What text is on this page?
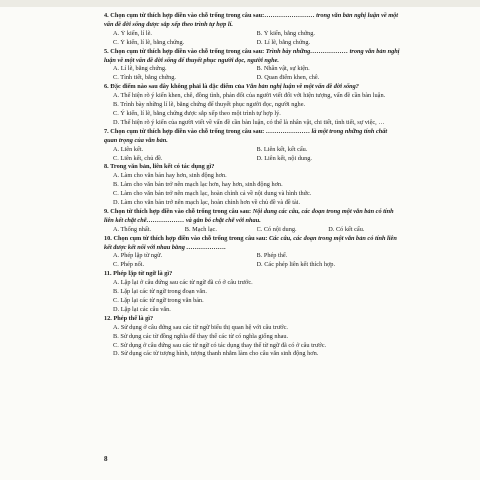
4. Chọn cụm từ thích hợp điền vào chỗ trống trong câu sau:…………………… trong văn bản nghị luận về một vấn đề đời sống được sắp xếp theo trình tự hợp lí.
A. Ý kiến, lí lẽ.	B. Ý kiến, bằng chứng.
C. Ý kiến, lí lẽ, bằng chứng.	D. Lí lẽ, bằng chứng.
5. Chọn cụm từ thích hợp điền vào chỗ trống trong câu sau: Trình bày những……………… trong văn bản nghị luận về một vấn đề đời sống để thuyết phục người đọc, người nghe.
A. Lí lẽ, bằng chứng.	B. Nhân vật, sự kiện.
C. Tình tiết, bằng chứng.	D. Quan điểm khen, chê.
6. Đặc điểm nào sau đây không phải là đặc điểm của Văn bản nghị luận về một vấn đề đời sống?
A. Thể hiện rõ ý kiến khen, chê, đồng tình, phản đối của người viết đối với hiện tượng, vấn đề cần bàn luận.
B. Trình bày những lí lẽ, bằng chứng để thuyết phục người đọc, người nghe.
C. Ý kiến, lí lẽ, bằng chứng được sắp xếp theo một trình tự hợp lý.
D. Thể hiện rõ ý kiến của người viết về vấn đề cần bàn luận, có thể là nhân vật, chi tiết, tình tiết, sự việc, …
7. Chọn cụm từ thích hợp điền vào chỗ trống trong câu sau: ………………… là một trong những tính chất quan trọng của văn bản.
A. Liên kết.	B. Liên kết, kết cấu.
C. Liên kết, chủ đề.	D. Liên kết, nội dung.
8. Trong văn bản, liên kết có tác dụng gì?
A. Làm cho văn bản hay hơn, sinh động hơn.
B. Làm cho văn bản trở nên mạch lạc hơn, hay hơn, sinh động hơn.
C. Làm cho văn bản trở nên mạch lạc, hoàn chỉnh cả về nội dung và hình thức.
D. Làm cho văn bản trở nên mạch lạc, hoàn chỉnh hơn về chủ đề và đề tài.
9. Chọn từ thích hợp điền vào chỗ trống trong câu sau: Nội dung các câu, các đoạn trong một văn bản có tính liên kết chặt chẽ……………… và gắn bó chặt chẽ với nhau.
A. Thống nhất.	B. Mạch lạc.	C. Có nội dung.	D. Có kết cấu.
10. Chọn cụm từ thích hợp điền vào chỗ trống trong câu sau: Các câu, các đoạn trong một văn bản có tính liên kết được kết nối với nhau bằng ……………….
A. Phép lặp từ ngữ.	B. Phép thế.
C. Phép nối.	D. Các phép liên kết thích hợp.
11. Phép lặp từ ngữ là gì?
A. Lặp lại ở câu đứng sau các từ ngữ đã có ở câu trước.
B. Lặp lại các từ ngữ trong đoạn văn.
C. Lặp lại các từ ngữ trong văn bản.
D. Lặp lại các câu văn.
12. Phép thế là gì?
A. Sử dụng ở câu đứng sau các từ ngữ biểu thị quan hệ với câu trước.
B. Sử dụng các từ đồng nghĩa để thay thế các từ có nghĩa giống nhau.
C. Sử dụng ở câu đứng sau các từ ngữ có tác dụng thay thế từ ngữ đã có ở câu trước.
D. Sử dụng các từ tượng hình, tượng thanh nhằm làm cho câu văn sinh động hơn.
8
